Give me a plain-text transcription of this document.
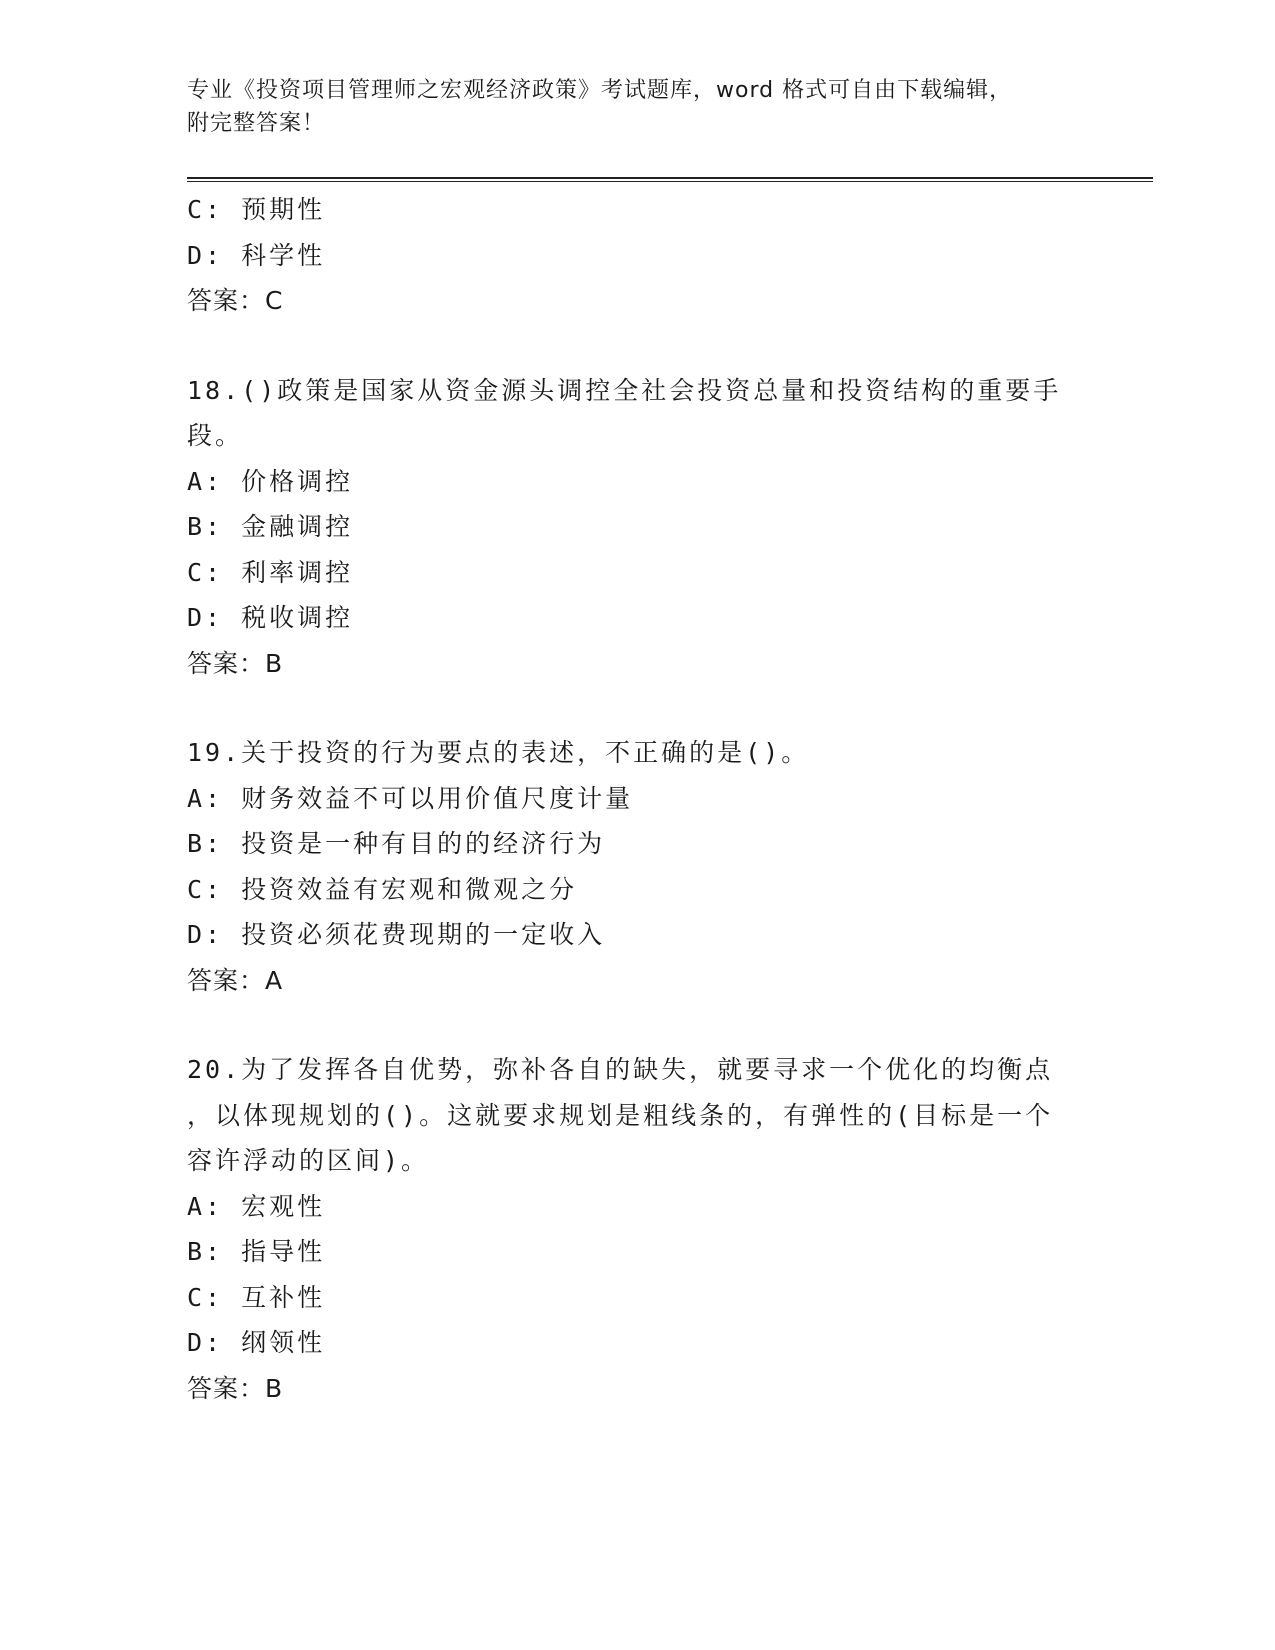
专业《投资项目管理师之宏观经济政策》考试题库，word 格式可自由下载编辑，
附完整答案！
C: 预期性
D: 科学性
答案：C
18.()政策是国家从资金源头调控全社会投资总量和投资结构的重要手
段。
A: 价格调控
B: 金融调控
C: 利率调控
D: 税收调控
答案：B
19.关于投资的行为要点的表述，不正确的是()。
A: 财务效益不可以用价值尺度计量
B: 投资是一种有目的的经济行为
C: 投资效益有宏观和微观之分
D: 投资必须花费现期的一定收入
答案：A
20.为了发挥各自优势，弥补各自的缺失，就要寻求一个优化的均衡点
，以体现规划的()。这就要求规划是粗线条的，有弹性的(目标是一个
容许浮动的区间)。
A: 宏观性
B: 指导性
C: 互补性
D: 纲领性
答案：B
